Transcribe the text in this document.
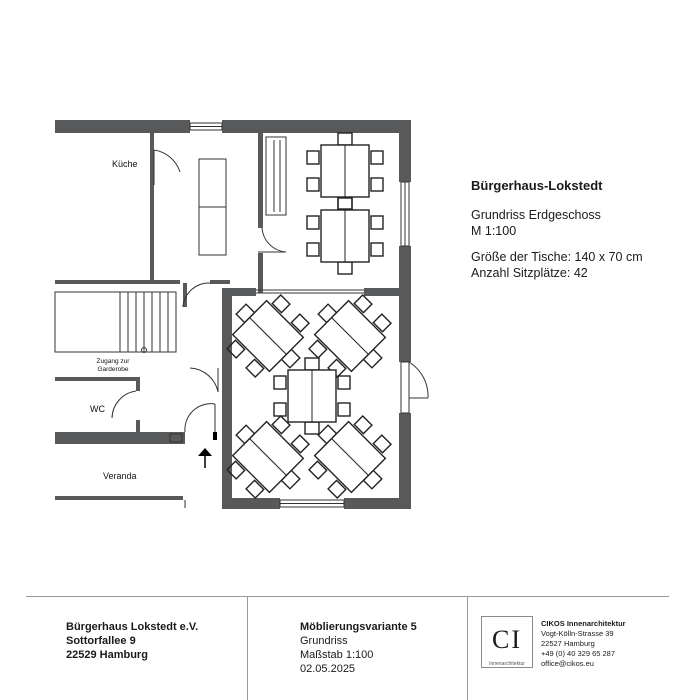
Küche
Zugang zur
Garderobe
WC
Veranda
Bürgerhaus-Lokstedt
Grundriss Erdgeschoss
M 1:100
Größe der Tische: 140 x 70 cm
Anzahl Sitzplätze: 42
Bürgerhaus Lokstedt e.V.
Sottorfallee 9
22529 Hamburg
Möblierungsvariante 5
Grundriss
Maßstab 1:100
02.05.2025
CI
Innenarchitektur
CIKOS Innenarchitektur
Vogt-Kölln-Strasse 39
22527 Hamburg
+49 (0) 40 329 65 287
office@cikos.eu
